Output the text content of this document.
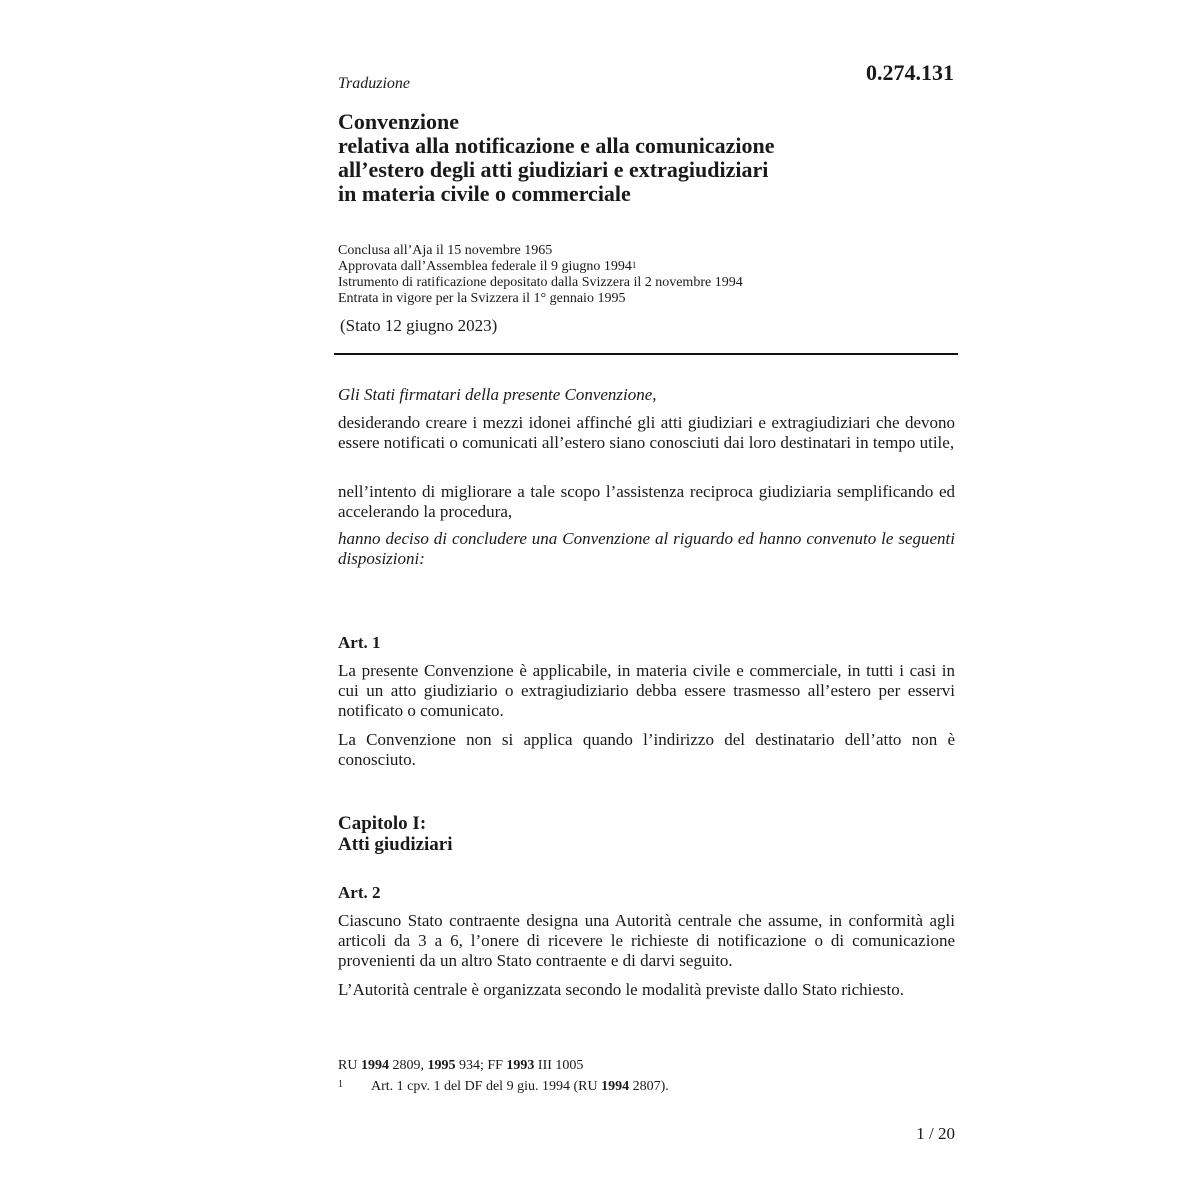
0.274.131
Traduzione
Convenzione
relativa alla notificazione e alla comunicazione
all’estero degli atti giudiziari e extragiudiziari
in materia civile o commerciale
Conclusa all’Aja il 15 novembre 1965
Approvata dall’Assemblea federale il 9 giugno 1994$^1$
Istrumento di ratificazione depositato dalla Svizzera il 2 novembre 1994
Entrata in vigore per la Svizzera il 1° gennaio 1995
(Stato 12 giugno 2023)

Gli Stati firmatari della presente Convenzione,

desiderando creare i mezzi idonei affinché gli atti giudiziari e extragiudiziari che devono essere notificati o comunicati all’estero siano conosciuti dai loro destinatari in tempo utile,

nell’intento di migliorare a tale scopo l’assistenza reciproca giudiziaria semplificando ed accelerando la procedura,

hanno deciso di concludere una Convenzione al riguardo ed hanno convenuto le seguenti disposizioni:

Art. 1

La presente Convenzione è applicabile, in materia civile e commerciale, in tutti i casi in cui un atto giudiziario o extragiudiziario debba essere trasmesso all’estero per esservi notificato o comunicato.

La Convenzione non si applica quando l’indirizzo del destinatario dell’atto non è conosciuto.

Capitolo I:
Atti giudiziari
Art. 2

Ciascuno Stato contraente designa una Autorità centrale che assume, in conformità agli articoli da 3 a 6, l’onere di ricevere le richieste di notificazione o di comunicazione provenienti da un altro Stato contraente e di darvi seguito.

L’Autorità centrale è organizzata secondo le modalità previste dallo Stato richiesto.

RU 1994 2809, 1995 934; FF 1993 III 1005
1 Art. 1 cpv. 1 del DF del 9 giu. 1994 (RU 1994 2807).
1 / 20
